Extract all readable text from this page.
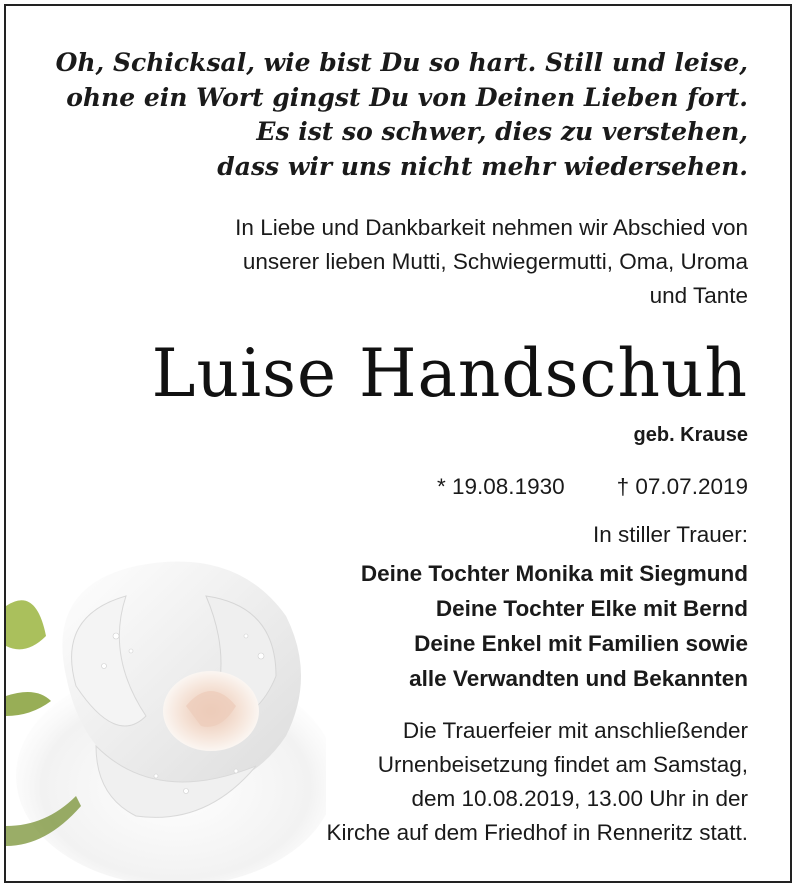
Oh, Schicksal, wie bist Du so hart. Still und leise,
ohne ein Wort gingst Du von Deinen Lieben fort.
Es ist so schwer, dies zu verstehen,
dass wir uns nicht mehr wiedersehen.
In Liebe und Dankbarkeit nehmen wir Abschied von
unserer lieben Mutti, Schwiegermutti, Oma, Uroma
und Tante
Luise Handschuh
geb. Krause
* 19.08.1930 † 07.07.2019
In stiller Trauer:
Deine Tochter Monika mit Siegmund
Deine Tochter Elke mit Bernd
Deine Enkel mit Familien sowie
alle Verwandten und Bekannten
Die Trauerfeier mit anschließender
Urnenbeisetzung findet am Samstag,
dem 10.08.2019, 13.00 Uhr in der
Kirche auf dem Friedhof in Renneritz statt.
